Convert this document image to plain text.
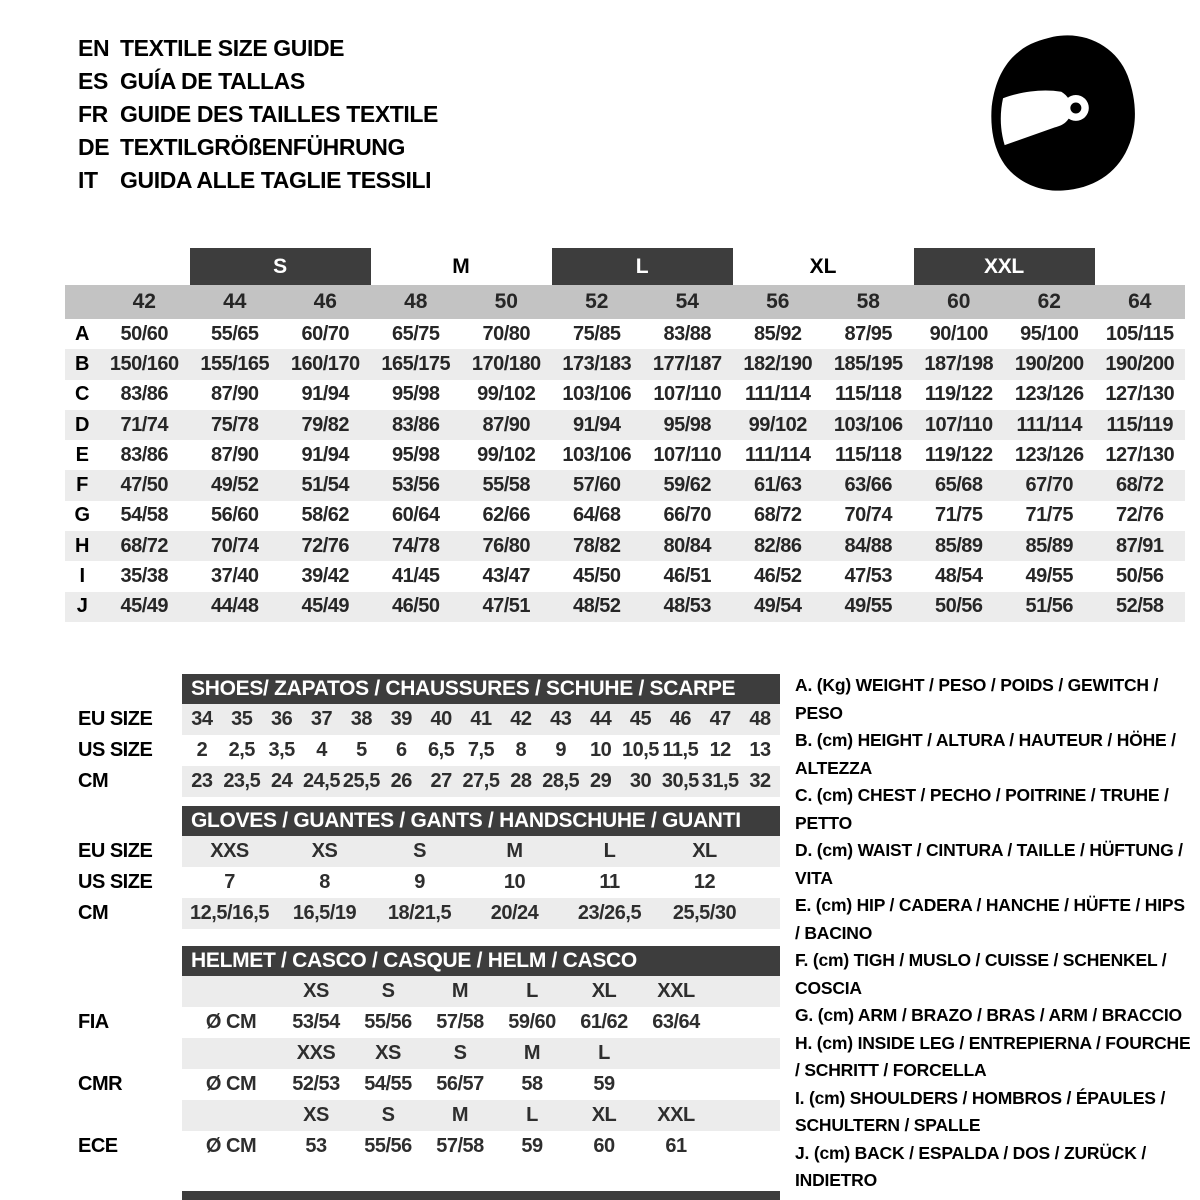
EN TEXTILE SIZE GUIDE
ES GUÍA DE TALLAS
FR GUIDE DES TAILLES TEXTILE
DE TEXTILGRÖßENFÜHRUNG
IT GUIDA ALLE TAGLIE TESSILI
S	M	L	XL	XXL
42	44	46	48	50	52	54	56	58	60	62	64
A	50/60	55/65	60/70	65/75	70/80	75/85	83/88	85/92	87/95	90/100	95/100	105/115
B	150/160	155/165	160/170	165/175	170/180	173/183	177/187	182/190	185/195	187/198	190/200	190/200
C	83/86	87/90	91/94	95/98	99/102	103/106	107/110	111/114	115/118	119/122	123/126	127/130
D	71/74	75/78	79/82	83/86	87/90	91/94	95/98	99/102	103/106	107/110	111/114	115/119
E	83/86	87/90	91/94	95/98	99/102	103/106	107/110	111/114	115/118	119/122	123/126	127/130
F	47/50	49/52	51/54	53/56	55/58	57/60	59/62	61/63	63/66	65/68	67/70	68/72
G	54/58	56/60	58/62	60/64	62/66	64/68	66/70	68/72	70/74	71/75	71/75	72/76
H	68/72	70/74	72/76	74/78	76/80	78/82	80/84	82/86	84/88	85/89	85/89	87/91
I	35/38	37/40	39/42	41/45	43/47	45/50	46/51	46/52	47/53	48/54	49/55	50/56
J	45/49	44/48	45/49	46/50	47/51	48/52	48/53	49/54	49/55	50/56	51/56	52/58
SHOES/ ZAPATOS / CHAUSSURES / SCHUHE / SCARPE
EU SIZE	34 35 36 37 38 39 40 41 42 43 44 45 46 47 48
US SIZE	2	2,5 3,5	4	5	6	6,5 7,5	8	9	10 10,5 11,5 12 13
CM	23 23,5 24 24,5 25,5 26 27 27,5 28 28,5 29 30 30,5 31,5 32
GLOVES / GUANTES / GANTS / HANDSCHUHE / GUANTI
EU SIZE	XXS	XS	S	M	L	XL
US SIZE	7	8	9	10	11	12
CM	12,5/16,5	16,5/19	18/21,5	20/24	23/26,5	25,5/30
HELMET / CASCO / CASQUE / HELM / CASCO
XS	S	M	L	XL	XXL
FIA	Ø CM	53/54	55/56	57/58	59/60	61/62	63/64
XXS	XS	S	M	L
CMR	Ø CM	52/53	54/55	56/57	58	59
XS	S	M	L	XL	XXL
ECE	Ø CM	53	55/56	57/58	59	60	61
A. (Kg) WEIGHT / PESO / POIDS / GEWITCH / PESO
B. (cm) HEIGHT / ALTURA / HAUTEUR / HÖHE / ALTEZZA
C. (cm) CHEST / PECHO / POITRINE / TRUHE / PETTO
D. (cm) WAIST / CINTURA / TAILLE / HÜFTUNG / VITA
E. (cm) HIP / CADERA / HANCHE / HÜFTE / HIPS / BACINO
F. (cm) TIGH / MUSLO / CUISSE / SCHENKEL / COSCIA
G. (cm) ARM / BRAZO / BRAS / ARM / BRACCIO
H. (cm) INSIDE LEG / ENTREPIERNA / FOURCHE / SCHRITT / FORCELLA
I. (cm) SHOULDERS / HOMBROS / ÉPAULES / SCHULTERN / SPALLE
J. (cm) BACK / ESPALDA / DOS / ZURÜCK / INDIETRO
